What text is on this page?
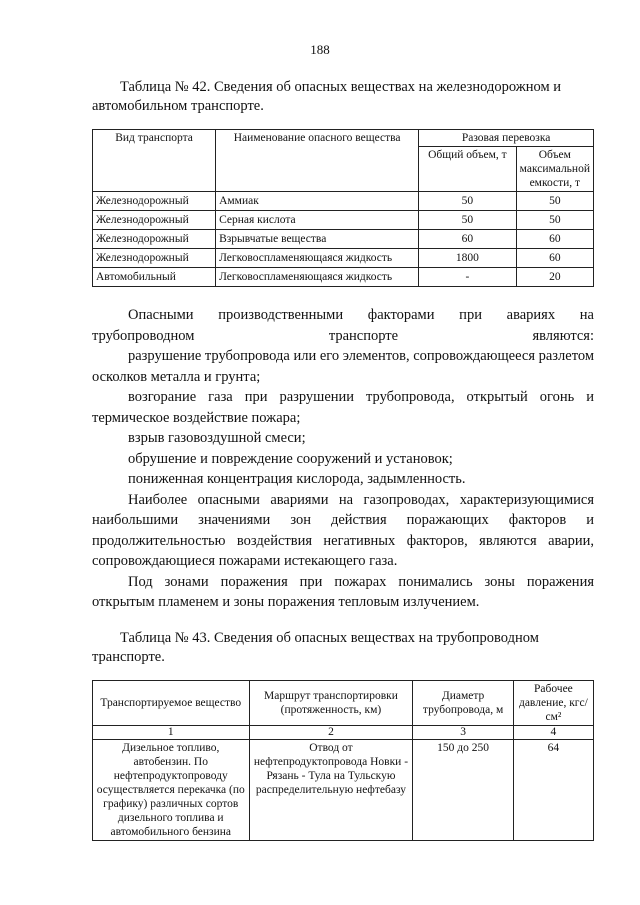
188
Таблица № 42. Сведения об опасных веществах на железнодорожном и автомобильном транспорте.
Вид транспорта	Наименование опасного вещества	Разовая перевозка	
		Общий объем, т	Объем максимальной емкости, т
Железнодорожный	Аммиак	50	50
Железнодорожный	Серная кислота	50	50
Железнодорожный	Взрывчатые вещества	60	60
Железнодорожный	Легковоспламеняющаяся жидкость	1800	60
Автомобильный	Легковоспламеняющаяся жидкость	-	20

Опасными производственными факторами при авариях на трубопроводном транспорте являются:

разрушение трубопровода или его элементов, сопровождающееся разлетом осколков металла и грунта;

возгорание газа при разрушении трубопровода, открытый огонь и термическое воздействие пожара;

взрыв газовоздушной смеси;

обрушение и повреждение сооружений и установок;

пониженная концентрация кислорода, задымленность.

Наиболее опасными авариями на газопроводах, характеризующимися наибольшими значениями зон действия поражающих факторов и продолжительностью воздействия негативных факторов, являются аварии, сопровождающиеся пожарами истекающего газа.

Под зонами поражения при пожарах понимались зоны поражения открытым пламенем и зоны поражения тепловым излучением.

Таблица № 43. Сведения об опасных веществах на трубопроводном транспорте.
Транспортируемое вещество	Маршрут транспортировки (протяженность, км)	Диаметр трубопровода, м	Рабочее давление, кгс/см²
1	2	3	4
Дизельное топливо, автобензин. По нефтепродуктопроводу осуществляется перекачка (по графику) различных сортов дизельного топлива и автомобильного бензина	Отвод от нефтепродуктопровода Новки - Рязань - Тула на Тульскую распределительную нефтебазу	150 до 250	64
